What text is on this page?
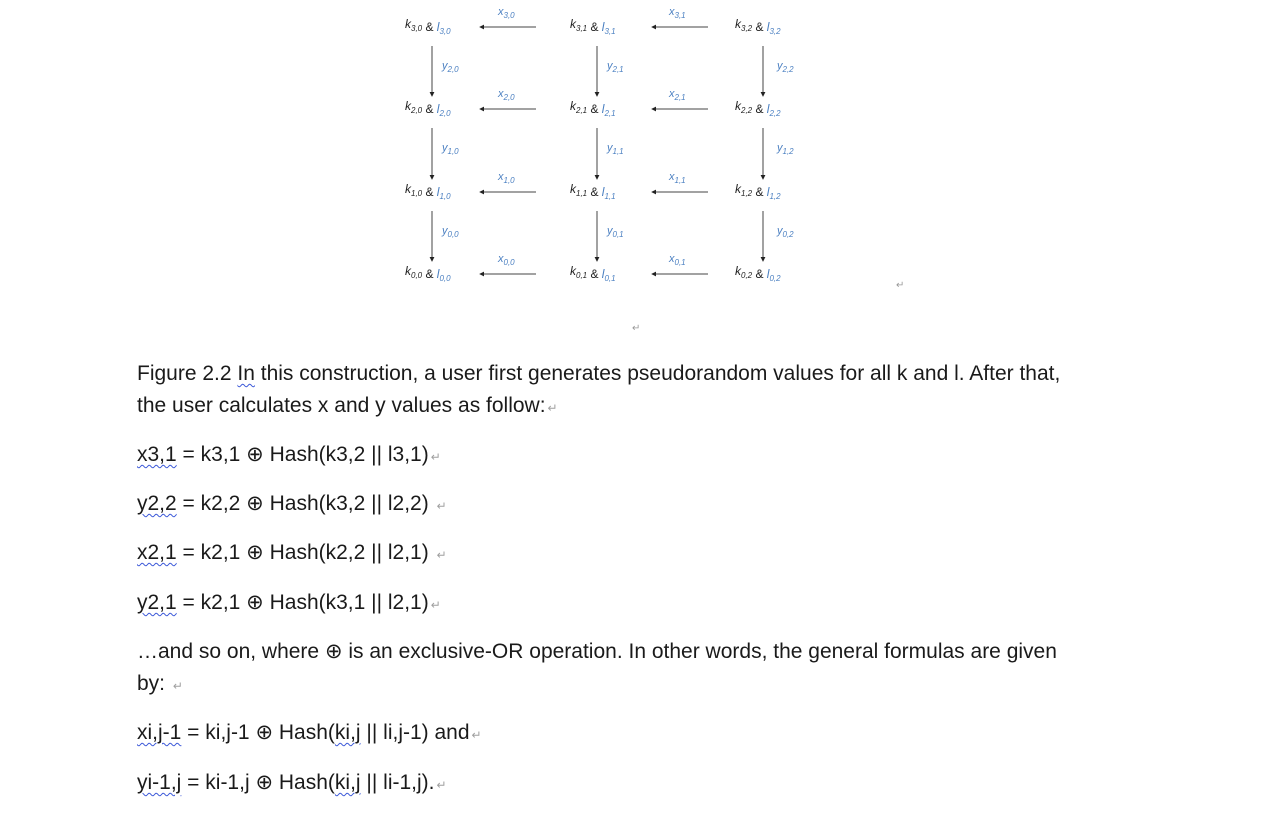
$k_{3,0}$ & $l_{3,0}$
$k_{3,1}$ & $l_{3,1}$
$k_{3,2}$ & $l_{3,2}$
$k_{2,0}$ & $l_{2,0}$
$k_{2,1}$ & $l_{2,1}$
$k_{2,2}$ & $l_{2,2}$
$k_{1,0}$ & $l_{1,0}$
$k_{1,1}$ & $l_{1,1}$
$k_{1,2}$ & $l_{1,2}$
$k_{0,0}$ & $l_{0,0}$
$k_{0,1}$ & $l_{0,1}$
$k_{0,2}$ & $l_{0,2}$
$x_{3,0}$	$x_{3,1}$
$x_{2,0}$	$x_{2,1}$
$x_{1,0}$	$x_{1,1}$
$x_{0,0}$	$x_{0,1}$
$y_{2,0}$	$y_{2,1}$	$y_{2,2}$
$y_{1,0}$	$y_{1,1}$	$y_{1,2}$
$y_{0,0}$	$y_{0,1}$	$y_{0,2}$
↵
↵
Figure 2.2 In this construction, a user first generates pseudorandom values for all k and l. After that,
the user calculates x and y values as follow: ↵
x3,1 = k3,1 ⊕ Hash(k3,2 || l3,1) ↵
y2,2 = k2,2 ⊕ Hash(k3,2 || l2,2) ↵
x2,1 = k2,1 ⊕ Hash(k2,2 || l2,1) ↵
y2,1 = k2,1 ⊕ Hash(k3,1 || l2,1) ↵
…and so on, where ⊕ is an exclusive-OR operation. In other words, the general formulas are given
by: ↵
xi,j-1 = ki,j-1 ⊕ Hash(ki,j || li,j-1) and ↵
yi-1,j = ki-1,j ⊕ Hash(ki,j || li-1,j). ↵
